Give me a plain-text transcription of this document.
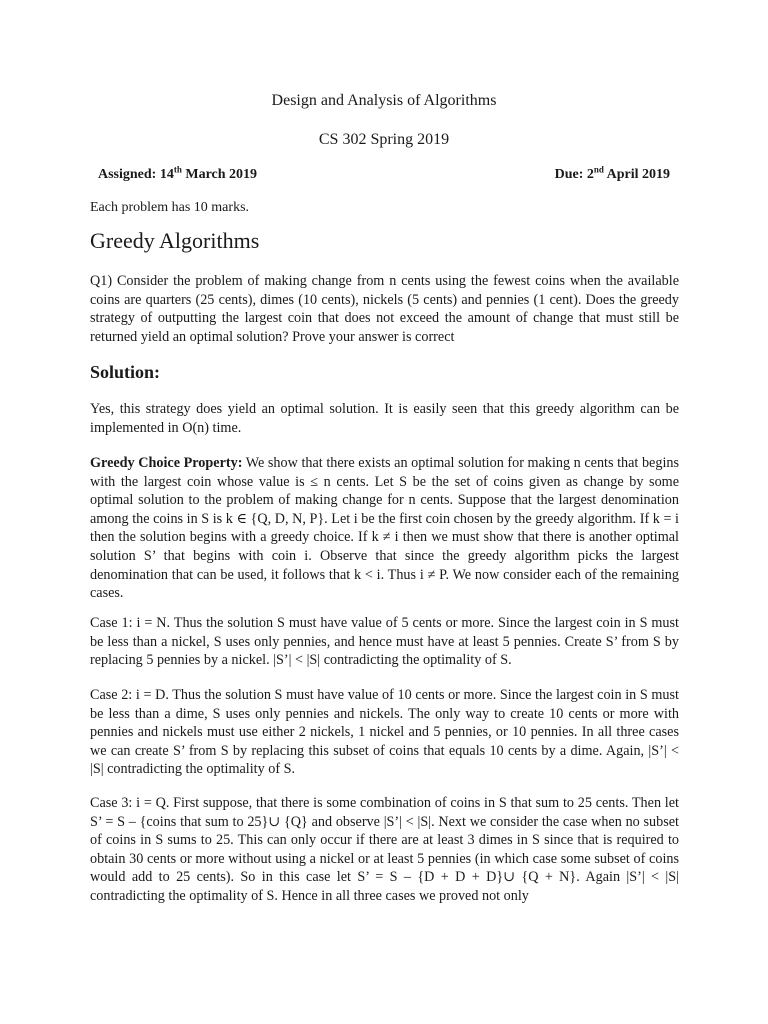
Design and Analysis of Algorithms
CS 302 Spring 2019
Assigned: 14th March 2019	Due: 2nd April 2019
Each problem has 10 marks.
Greedy Algorithms

Q1) Consider the problem of making change from n cents using the fewest coins when the available coins are quarters (25 cents), dimes (10 cents), nickels (5 cents) and pennies (1 cent). Does the greedy strategy of outputting the largest coin that does not exceed the amount of change that must still be returned yield an optimal solution? Prove your answer is correct

Solution:

Yes, this strategy does yield an optimal solution. It is easily seen that this greedy algorithm can be implemented in O(n) time.

Greedy Choice Property: We show that there exists an optimal solution for making n cents that begins with the largest coin whose value is ≤ n cents. Let S be the set of coins given as change by some optimal solution to the problem of making change for n cents. Suppose that the largest denomination among the coins in S is k ∈ {Q, D, N, P}. Let i be the first coin chosen by the greedy algorithm. If k = i then the solution begins with a greedy choice. If k ≠ i then we must show that there is another optimal solution S’ that begins with coin i. Observe that since the greedy algorithm picks the largest denomination that can be used, it follows that k < i. Thus i ≠ P. We now consider each of the remaining cases.

Case 1: i = N. Thus the solution S must have value of 5 cents or more. Since the largest coin in S must be less than a nickel, S uses only pennies, and hence must have at least 5 pennies. Create S’ from S by replacing 5 pennies by a nickel. |S’| < |S| contradicting the optimality of S.

Case 2: i = D. Thus the solution S must have value of 10 cents or more. Since the largest coin in S must be less than a dime, S uses only pennies and nickels. The only way to create 10 cents or more with pennies and nickels must use either 2 nickels, 1 nickel and 5 pennies, or 10 pennies. In all three cases we can create S’ from S by replacing this subset of coins that equals 10 cents by a dime. Again, |S’| < |S| contradicting the optimality of S.

Case 3: i = Q. First suppose, that there is some combination of coins in S that sum to 25 cents. Then let S’ = S – {coins that sum to 25}∪ {Q} and observe |S’| < |S|. Next we consider the case when no subset of coins in S sums to 25. This can only occur if there are at least 3 dimes in S since that is required to obtain 30 cents or more without using a nickel or at least 5 pennies (in which case some subset of coins would add to 25 cents). So in this case let S’ = S – {D + D + D}∪ {Q + N}. Again |S’| < |S| contradicting the optimality of S. Hence in all three cases we proved not only
